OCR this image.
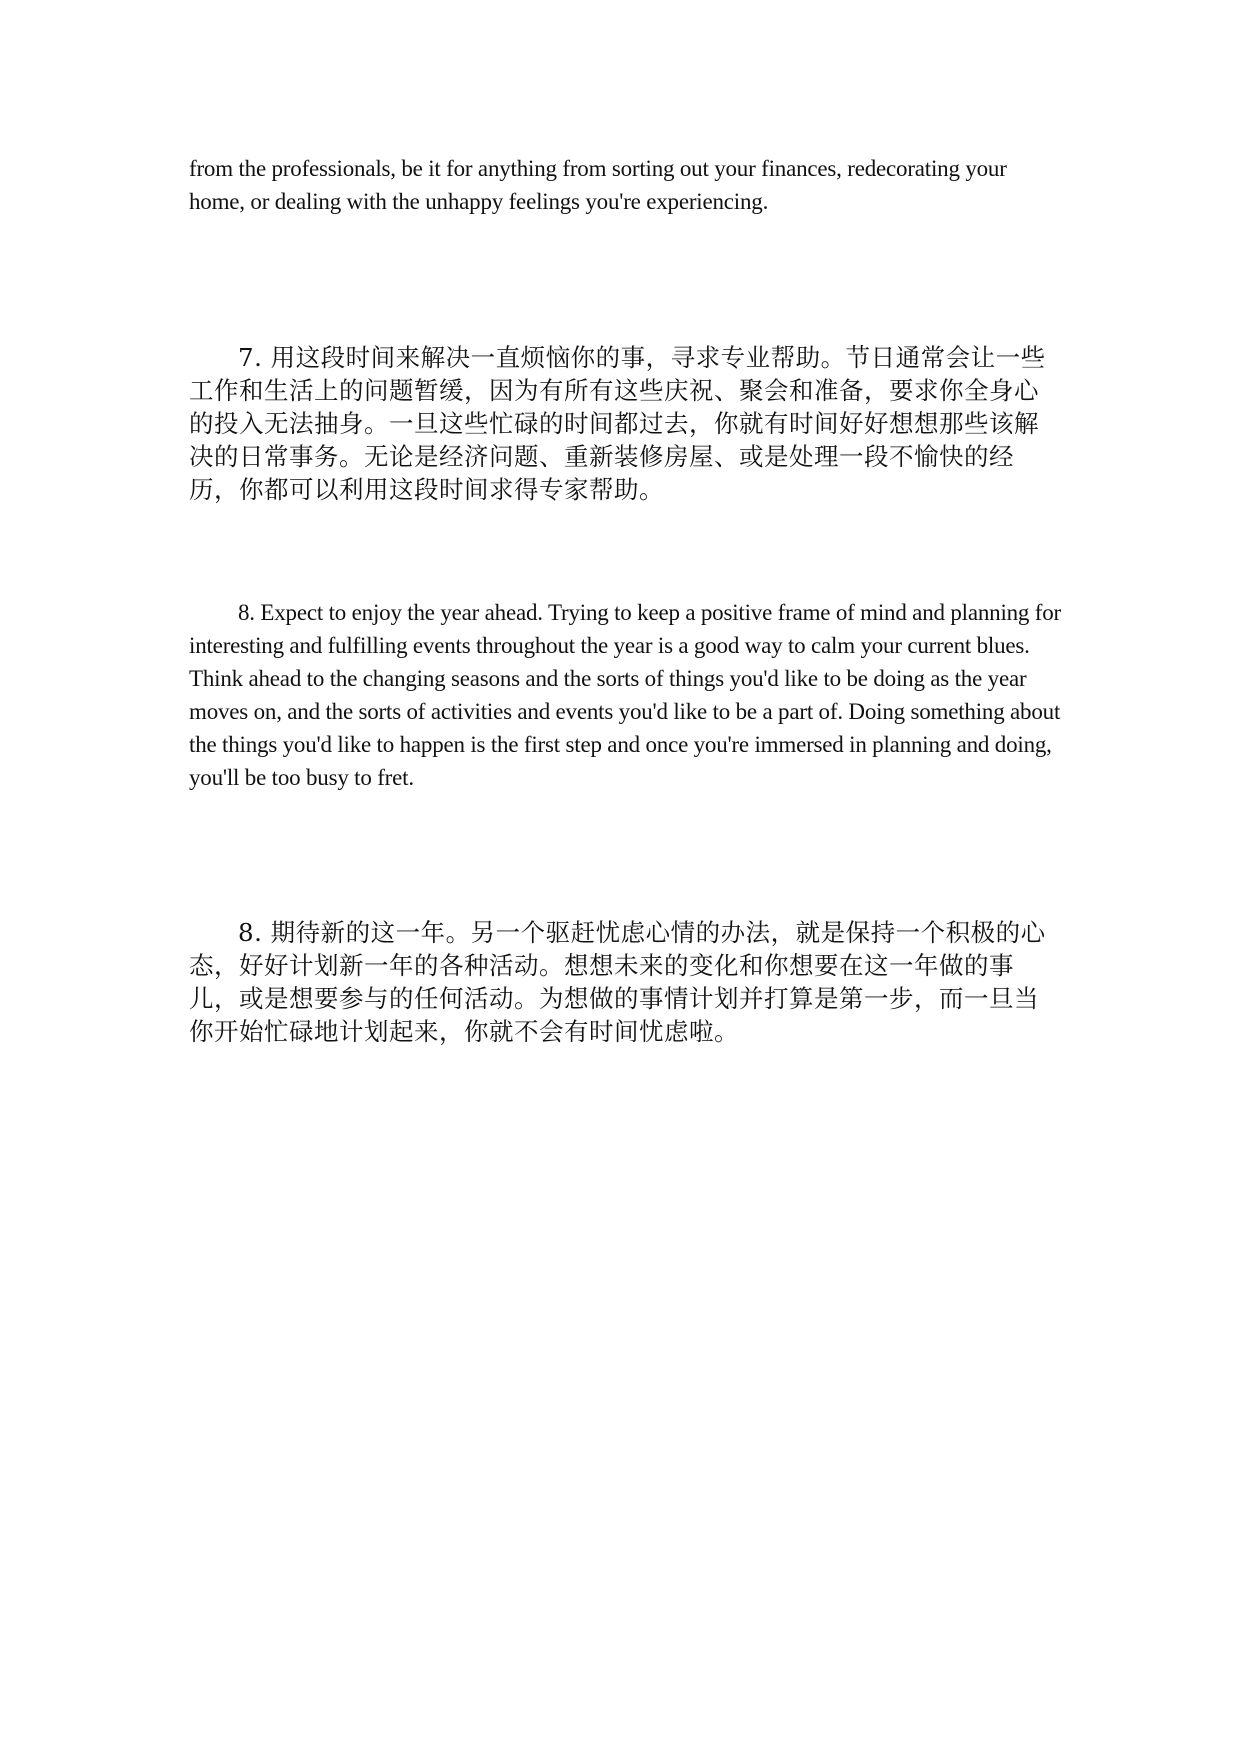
from the professionals, be it for anything from sorting out your finances, redecorating your home, or dealing with the unhappy feelings you're experiencing.

7. 用这段时间来解决一直烦恼你的事，寻求专业帮助。节日通常会让一些工作和生活上的问题暂缓，因为有所有这些庆祝、聚会和准备，要求你全身心的投入无法抽身。一旦这些忙碌的时间都过去，你就有时间好好想想那些该解决的日常事务。无论是经济问题、重新装修房屋、或是处理一段不愉快的经历，你都可以利用这段时间求得专家帮助。

8. Expect to enjoy the year ahead. Trying to keep a positive frame of mind and planning for interesting and fulfilling events throughout the year is a good way to calm your current blues. Think ahead to the changing seasons and the sorts of things you'd like to be doing as the year moves on, and the sorts of activities and events you'd like to be a part of. Doing something about the things you'd like to happen is the first step and once you're immersed in planning and doing, you'll be too busy to fret.

8. 期待新的这一年。另一个驱赶忧虑心情的办法，就是保持一个积极的心态，好好计划新一年的各种活动。想想未来的变化和你想要在这一年做的事儿，或是想要参与的任何活动。为想做的事情计划并打算是第一步，而一旦当你开始忙碌地计划起来，你就不会有时间忧虑啦。
